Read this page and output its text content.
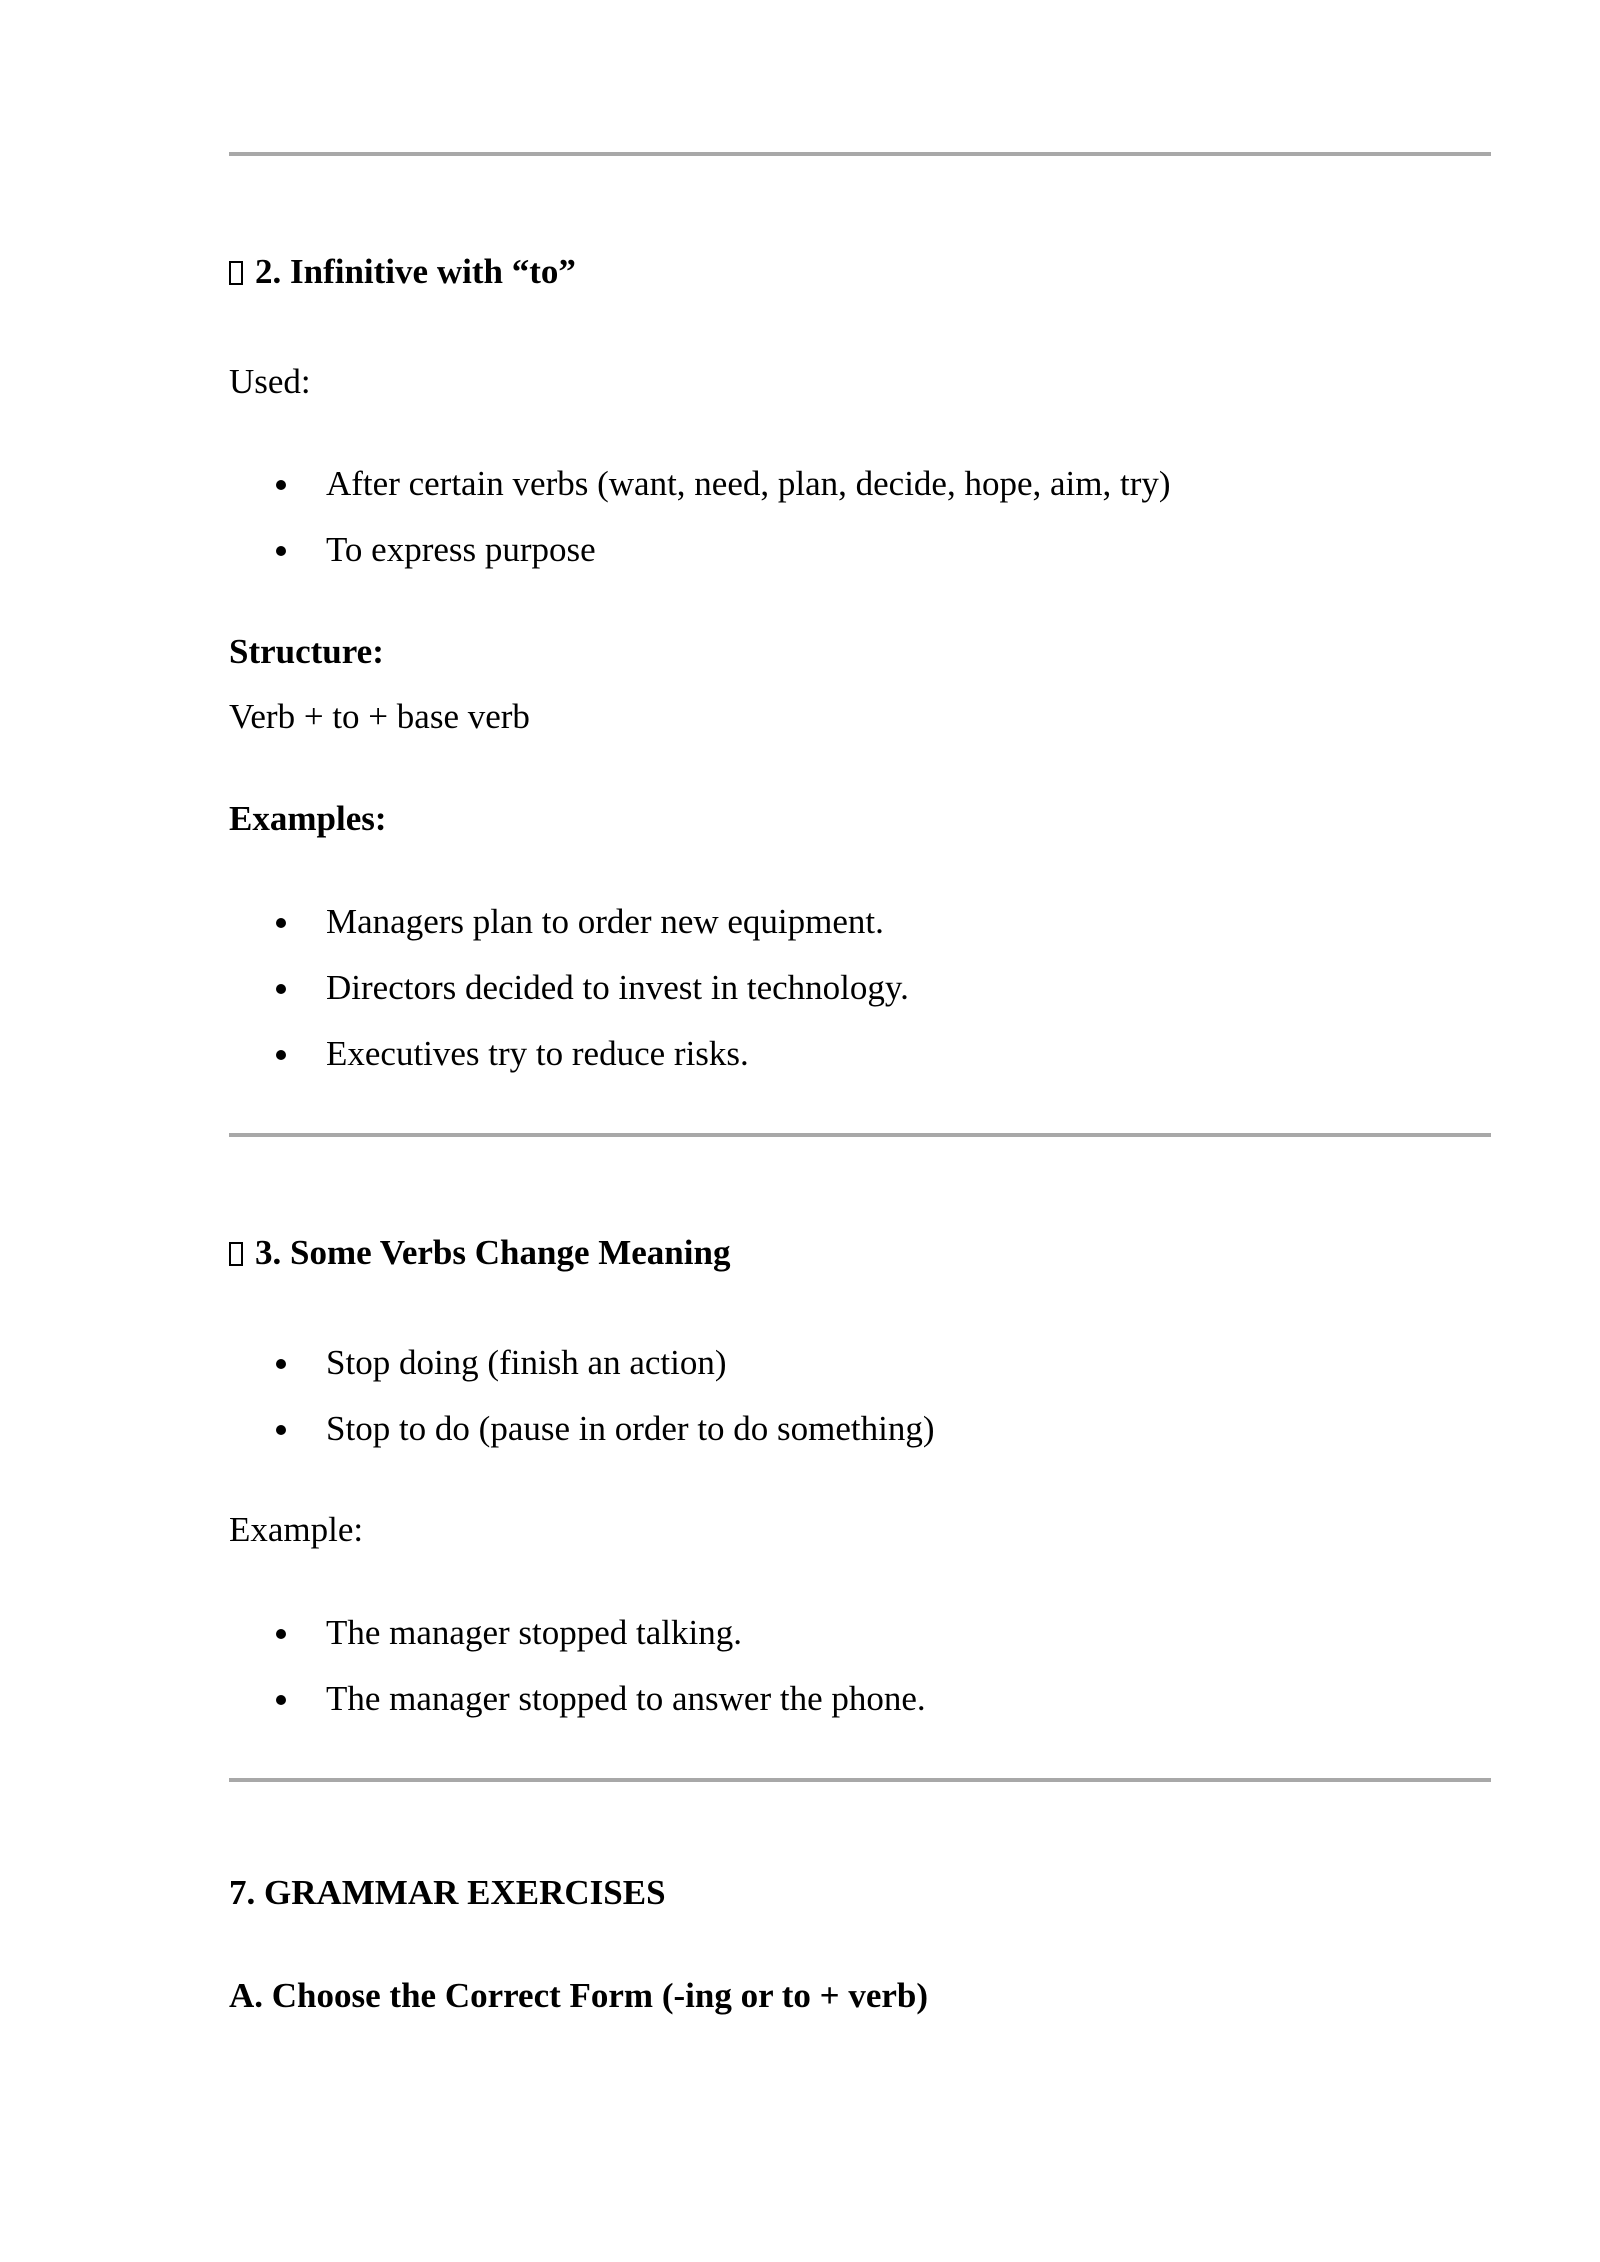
2. Infinitive with “to”
Used:
After certain verbs (want, need, plan, decide, hope, aim, try)
To express purpose
Structure:
Verb + to + base verb
Examples:
Managers plan to order new equipment.
Directors decided to invest in technology.
Executives try to reduce risks.
3. Some Verbs Change Meaning
Stop doing (finish an action)
Stop to do (pause in order to do something)
Example:
The manager stopped talking.
The manager stopped to answer the phone.
7. GRAMMAR EXERCISES
A. Choose the Correct Form (-ing or to + verb)
